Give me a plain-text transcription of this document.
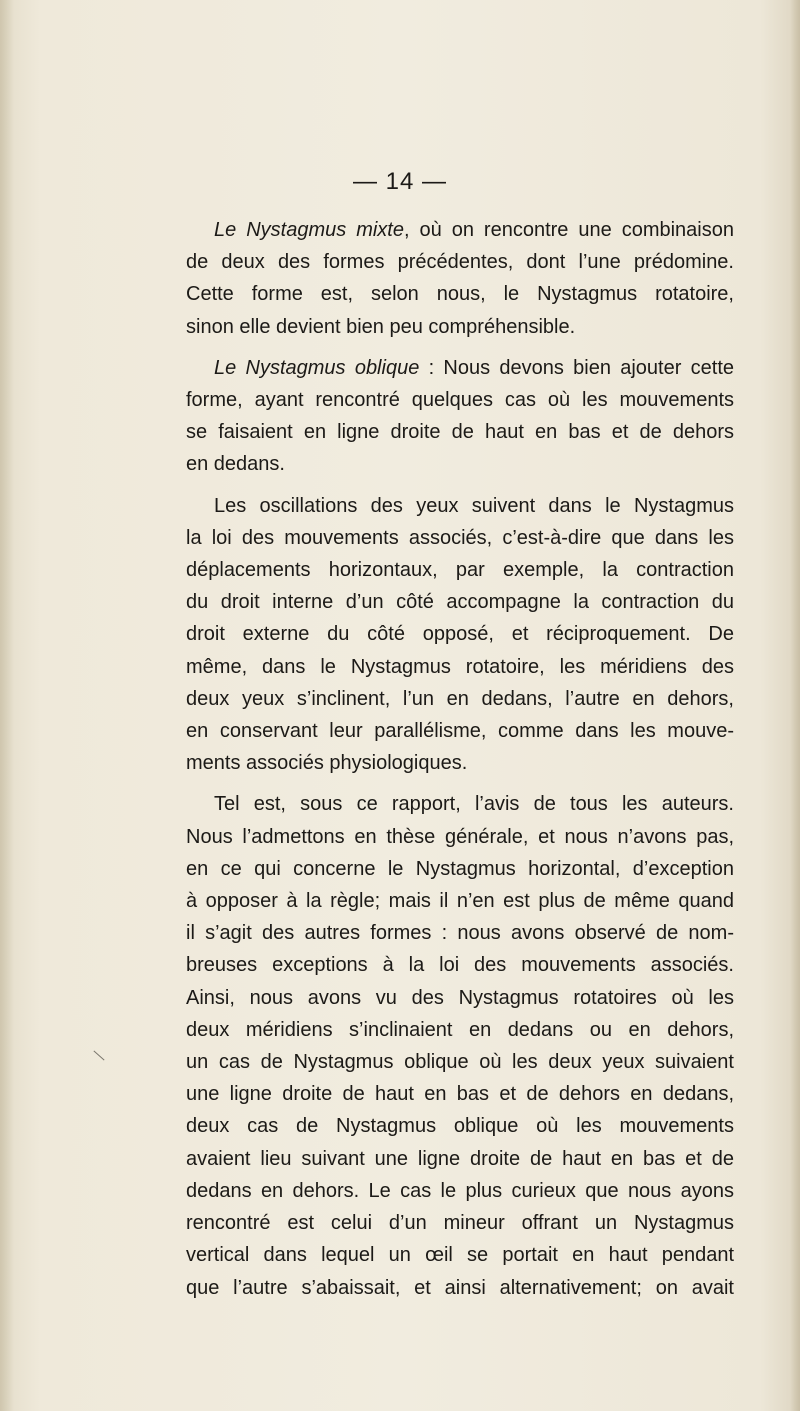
— 14 —
Le Nystagmus mixte, où on rencontre une combinaison
de deux des formes précédentes, dont l’une prédomine.
Cette forme est, selon nous, le Nystagmus rotatoire,
sinon elle devient bien peu compréhensible.
Le Nystagmus oblique : Nous devons bien ajouter cette
forme, ayant rencontré quelques cas où les mouvements
se faisaient en ligne droite de haut en bas et de dehors
en dedans.
Les oscillations des yeux suivent dans le Nystagmus
la loi des mouvements associés, c’est-à-dire que dans les
déplacements horizontaux, par exemple, la contraction
du droit interne d’un côté accompagne la contraction du
droit externe du côté opposé, et réciproquement. De
même, dans le Nystagmus rotatoire, les méridiens des
deux yeux s’inclinent, l’un en dedans, l’autre en dehors,
en conservant leur parallélisme, comme dans les mouve-
ments associés physiologiques.
Tel est, sous ce rapport, l’avis de tous les auteurs.
Nous l’admettons en thèse générale, et nous n’avons pas,
en ce qui concerne le Nystagmus horizontal, d’exception
à opposer à la règle; mais il n’en est plus de même quand
il s’agit des autres formes : nous avons observé de nom-
breuses exceptions à la loi des mouvements associés.
Ainsi, nous avons vu des Nystagmus rotatoires où les
deux méridiens s’inclinaient en dedans ou en dehors,
un cas de Nystagmus oblique où les deux yeux suivaient
une ligne droite de haut en bas et de dehors en dedans,
deux cas de Nystagmus oblique où les mouvements
avaient lieu suivant une ligne droite de haut en bas et de
dedans en dehors. Le cas le plus curieux que nous ayons
rencontré est celui d’un mineur offrant un Nystagmus
vertical dans lequel un œil se portait en haut pendant
que l’autre s’abaissait, et ainsi alternativement; on avait
